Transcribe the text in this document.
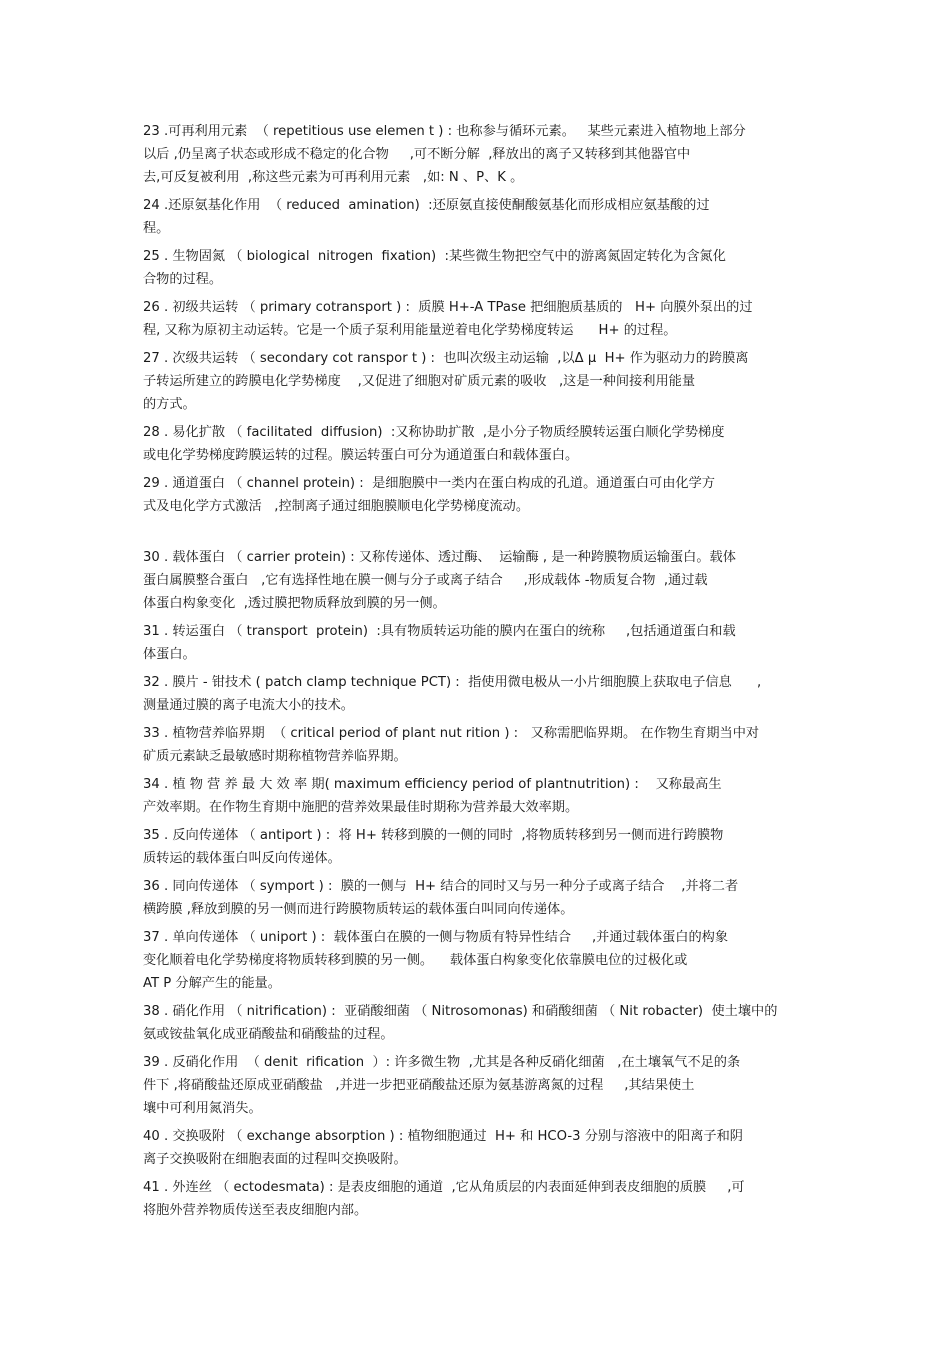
23 .可再利用元素  （ repetitious use elemen t ) : 也称参与循环元素。   某些元素进入植物地上部分
以后 ,仍呈离子状态或形成不稳定的化合物     ,可不断分解  ,释放出的离子又转移到其他器官中
去,可反复被利用  ,称这些元素为可再利用元素   ,如: N 、P、K 。
24 .还原氨基化作用  （ reduced  amination)  :还原氨直接使酮酸氨基化而形成相应氨基酸的过
程。
25 . 生物固氮 （ biological  nitrogen  fixation)  :某些微生物把空气中的游离氮固定转化为含氮化
合物的过程。
26 . 初级共运转 （ primary cotransport ) :  质膜 H+-A TPase 把细胞质基质的   H+ 向膜外泵出的过
程, 又称为原初主动运转。它是一个质子泵利用能量逆着电化学势梯度转运      H+ 的过程。
27 . 次级共运转 （ secondary cot ranspor t ) :  也叫次级主动运输  ,以Δ μ  H+ 作为驱动力的跨膜离
子转运所建立的跨膜电化学势梯度    ,又促进了细胞对矿质元素的吸收   ,这是一种间接利用能量
的方式。
28 . 易化扩散 （ facilitated  diffusion)  :又称协助扩散  ,是小分子物质经膜转运蛋白顺化学势梯度
或电化学势梯度跨膜运转的过程。膜运转蛋白可分为通道蛋白和载体蛋白。
29 . 通道蛋白 （ channel protein) :  是细胞膜中一类内在蛋白构成的孔道。通道蛋白可由化学方
式及电化学方式激活   ,控制离子通过细胞膜顺电化学势梯度流动。
30 . 载体蛋白 （ carrier protein) : 又称传递体、透过酶、  运输酶 , 是一种跨膜物质运输蛋白。载体
蛋白属膜整合蛋白   ,它有选择性地在膜一侧与分子或离子结合     ,形成载体 -物质复合物  ,通过载
体蛋白构象变化  ,透过膜把物质释放到膜的另一侧。
31 . 转运蛋白 （ transport  protein)  :具有物质转运功能的膜内在蛋白的统称     ,包括通道蛋白和载
体蛋白。
32 . 膜片 - 钳技术 ( patch clamp technique PCT) :  指使用微电极从一小片细胞膜上获取电子信息      ,
测量通过膜的离子电流大小的技术。
33 . 植物营养临界期  （ critical period of plant nut rition ) :   又称需肥临界期。 在作物生育期当中对
矿质元素缺乏最敏感时期称植物营养临界期。
34 . 植 物 营 养 最 大 效 率 期( maximum efficiency period of plantnutrition) :    又称最高生
产效率期。在作物生育期中施肥的营养效果最佳时期称为营养最大效率期。
35 . 反向传递体 （ antiport ) :  将 H+ 转移到膜的一侧的同时  ,将物质转移到另一侧而进行跨膜物
质转运的载体蛋白叫反向传递体。
36 . 同向传递体 （ symport ) :  膜的一侧与  H+ 结合的同时又与另一种分子或离子结合    ,并将二者
横跨膜 ,释放到膜的另一侧而进行跨膜物质转运的载体蛋白叫同向传递体。
37 . 单向传递体 （ uniport ) :  载体蛋白在膜的一侧与物质有特异性结合     ,并通过载体蛋白的构象
变化顺着电化学势梯度将物质转移到膜的另一侧。    载体蛋白构象变化依靠膜电位的过极化或
AT P 分解产生的能量。
38 . 硝化作用 （ nitrification) :  亚硝酸细菌 （ Nitrosomonas) 和硝酸细菌 （ Nit robacter)  使土壤中的
氨或铵盐氧化成亚硝酸盐和硝酸盐的过程。
39 . 反硝化作用  （ denit  rification  ）: 许多微生物  ,尤其是各种反硝化细菌   ,在土壤氧气不足的条
件下 ,将硝酸盐还原成亚硝酸盐   ,并进一步把亚硝酸盐还原为氨基游离氮的过程     ,其结果使土
壤中可利用氮消失。
40 . 交换吸附 （ exchange absorption ) : 植物细胞通过  H+ 和 HCO-3 分别与溶液中的阳离子和阴
离子交换吸附在细胞表面的过程叫交换吸附。
41 . 外连丝 （ ectodesmata) : 是表皮细胞的通道  ,它从角质层的内表面延伸到表皮细胞的质膜     ,可
将胞外营养物质传送至表皮细胞内部。
